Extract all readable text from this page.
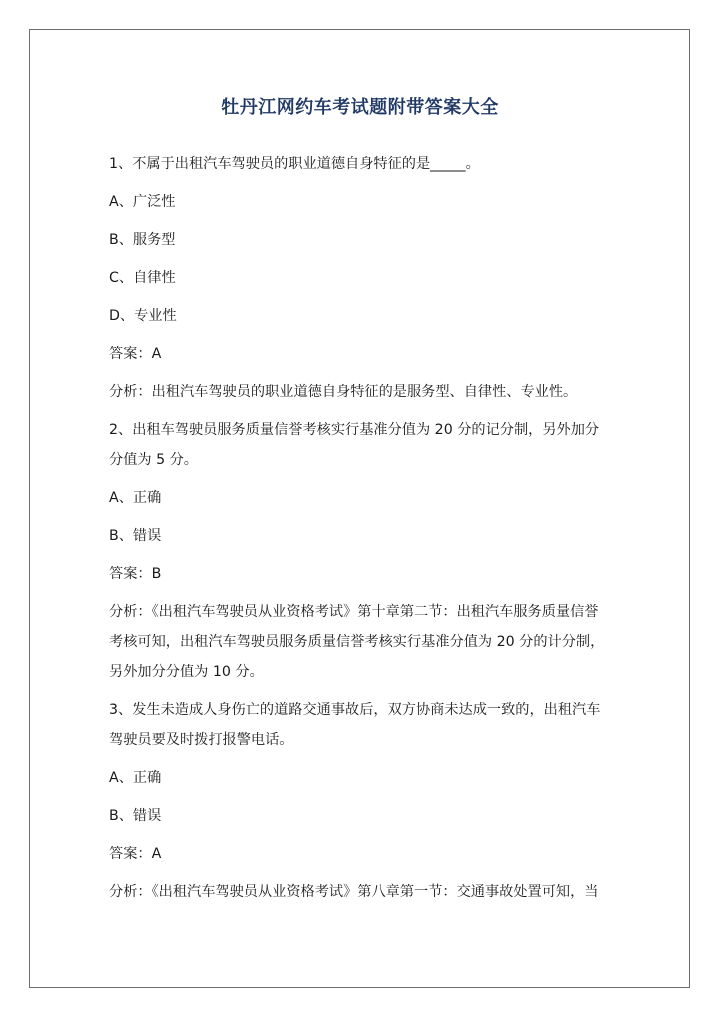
牡丹江网约车考试题附带答案大全
1、不属于出租汽车驾驶员的职业道德自身特征的是_____。
A、广泛性
B、服务型
C、自律性
D、专业性
答案：A
分析：出租汽车驾驶员的职业道德自身特征的是服务型、自律性、专业性。
2、出租车驾驶员服务质量信誉考核实行基准分值为 20 分的记分制，另外加分
分值为 5 分。
A、正确
B、错误
答案：B
分析：《出租汽车驾驶员从业资格考试》第十章第二节：出租汽车服务质量信誉
考核可知，出租汽车驾驶员服务质量信誉考核实行基准分值为 20 分的计分制，
另外加分分值为 10 分。
3、发生未造成人身伤亡的道路交通事故后，双方协商未达成一致的，出租汽车
驾驶员要及时拨打报警电话。
A、正确
B、错误
答案：A
分析：《出租汽车驾驶员从业资格考试》第八章第一节：交通事故处置可知，当
